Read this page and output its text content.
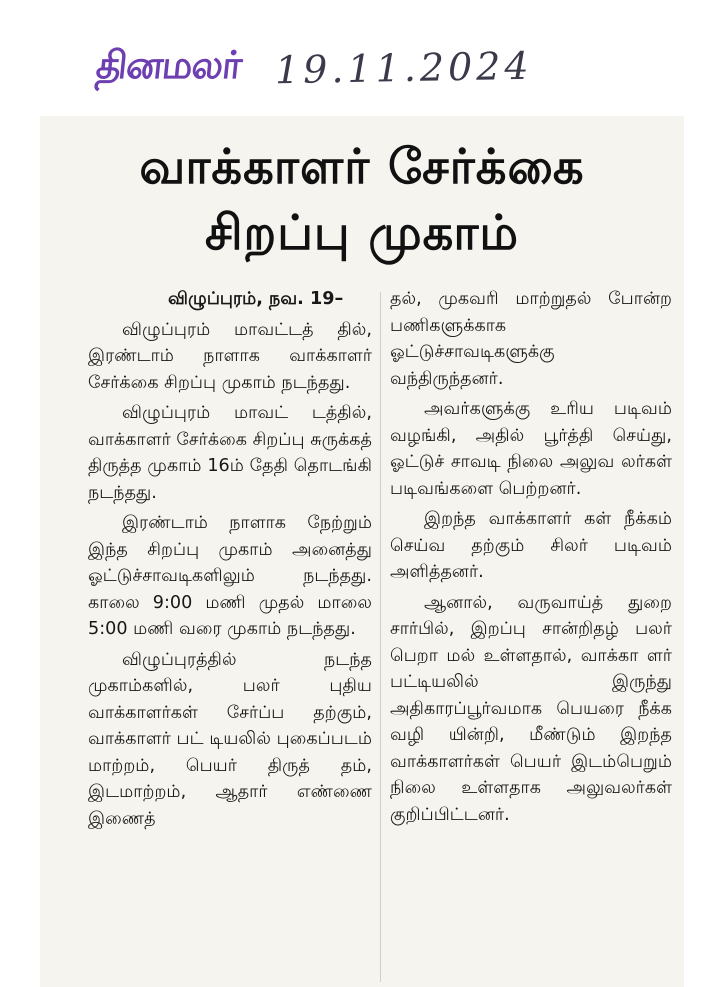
தினமலர் 19.11.2024
வாக்காளர் சேர்க்கை
சிறப்பு முகாம்

விழுப்புரம், நவ. 19–

விழுப்புரம் மாவட்டத் தில், இரண்டாம் நாளாக வாக்காளர் சேர்க்கை சிறப்பு முகாம் நடந்தது.

விழுப்புரம் மாவட் டத்தில், வாக்காளர் சேர்க்கை சிறப்பு சுருக்கத் திருத்த முகாம் 16ம் தேதி தொடங்கி நடந்தது.

இரண்டாம் நாளாக நேற்றும் இந்த சிறப்பு முகாம் அனைத்து ஓட்டுச்சாவடிகளிலும் நடந்தது. காலை 9:00 மணி முதல் மாலை 5:00 மணி வரை முகாம் நடந்தது.

விழுப்புரத்தில் நடந்த முகாம்களில், பலர் புதிய வாக்காளர்கள் சேர்ப்ப தற்கும், வாக்காளர் பட் டியலில் புகைப்படம் மாற்றம், பெயர் திருத் தம், இடமாற்றம், ஆதார் எண்ணை இணைத்

தல், முகவரி மாற்றுதல் போன்ற பணிகளுக்காக ஓட்டுச்சாவடிகளுக்கு வந்திருந்தனர்.

அவர்களுக்கு உரிய படிவம் வழங்கி, அதில் பூர்த்தி செய்து, ஓட்டுச் சாவடி நிலை அலுவ லர்கள் படிவங்களை பெற்றனர்.

இறந்த வாக்காளர் கள் நீக்கம் செய்வ தற்கும் சிலர் படிவம் அளித்தனர்.

ஆனால், வருவாய்த் துறை சார்பில், இறப்பு சான்றிதழ் பலர் பெறா மல் உள்ளதால், வாக்கா ளர் பட்டியலில் இருந்து அதிகாரப்பூர்வமாக பெயரை நீக்க வழி யின்றி, மீண்டும் இறந்த வாக்காளர்கள் பெயர் இடம்பெறும் நிலை உள்ளதாக அலுவலர்கள் குறிப்பிட்டனர்.
